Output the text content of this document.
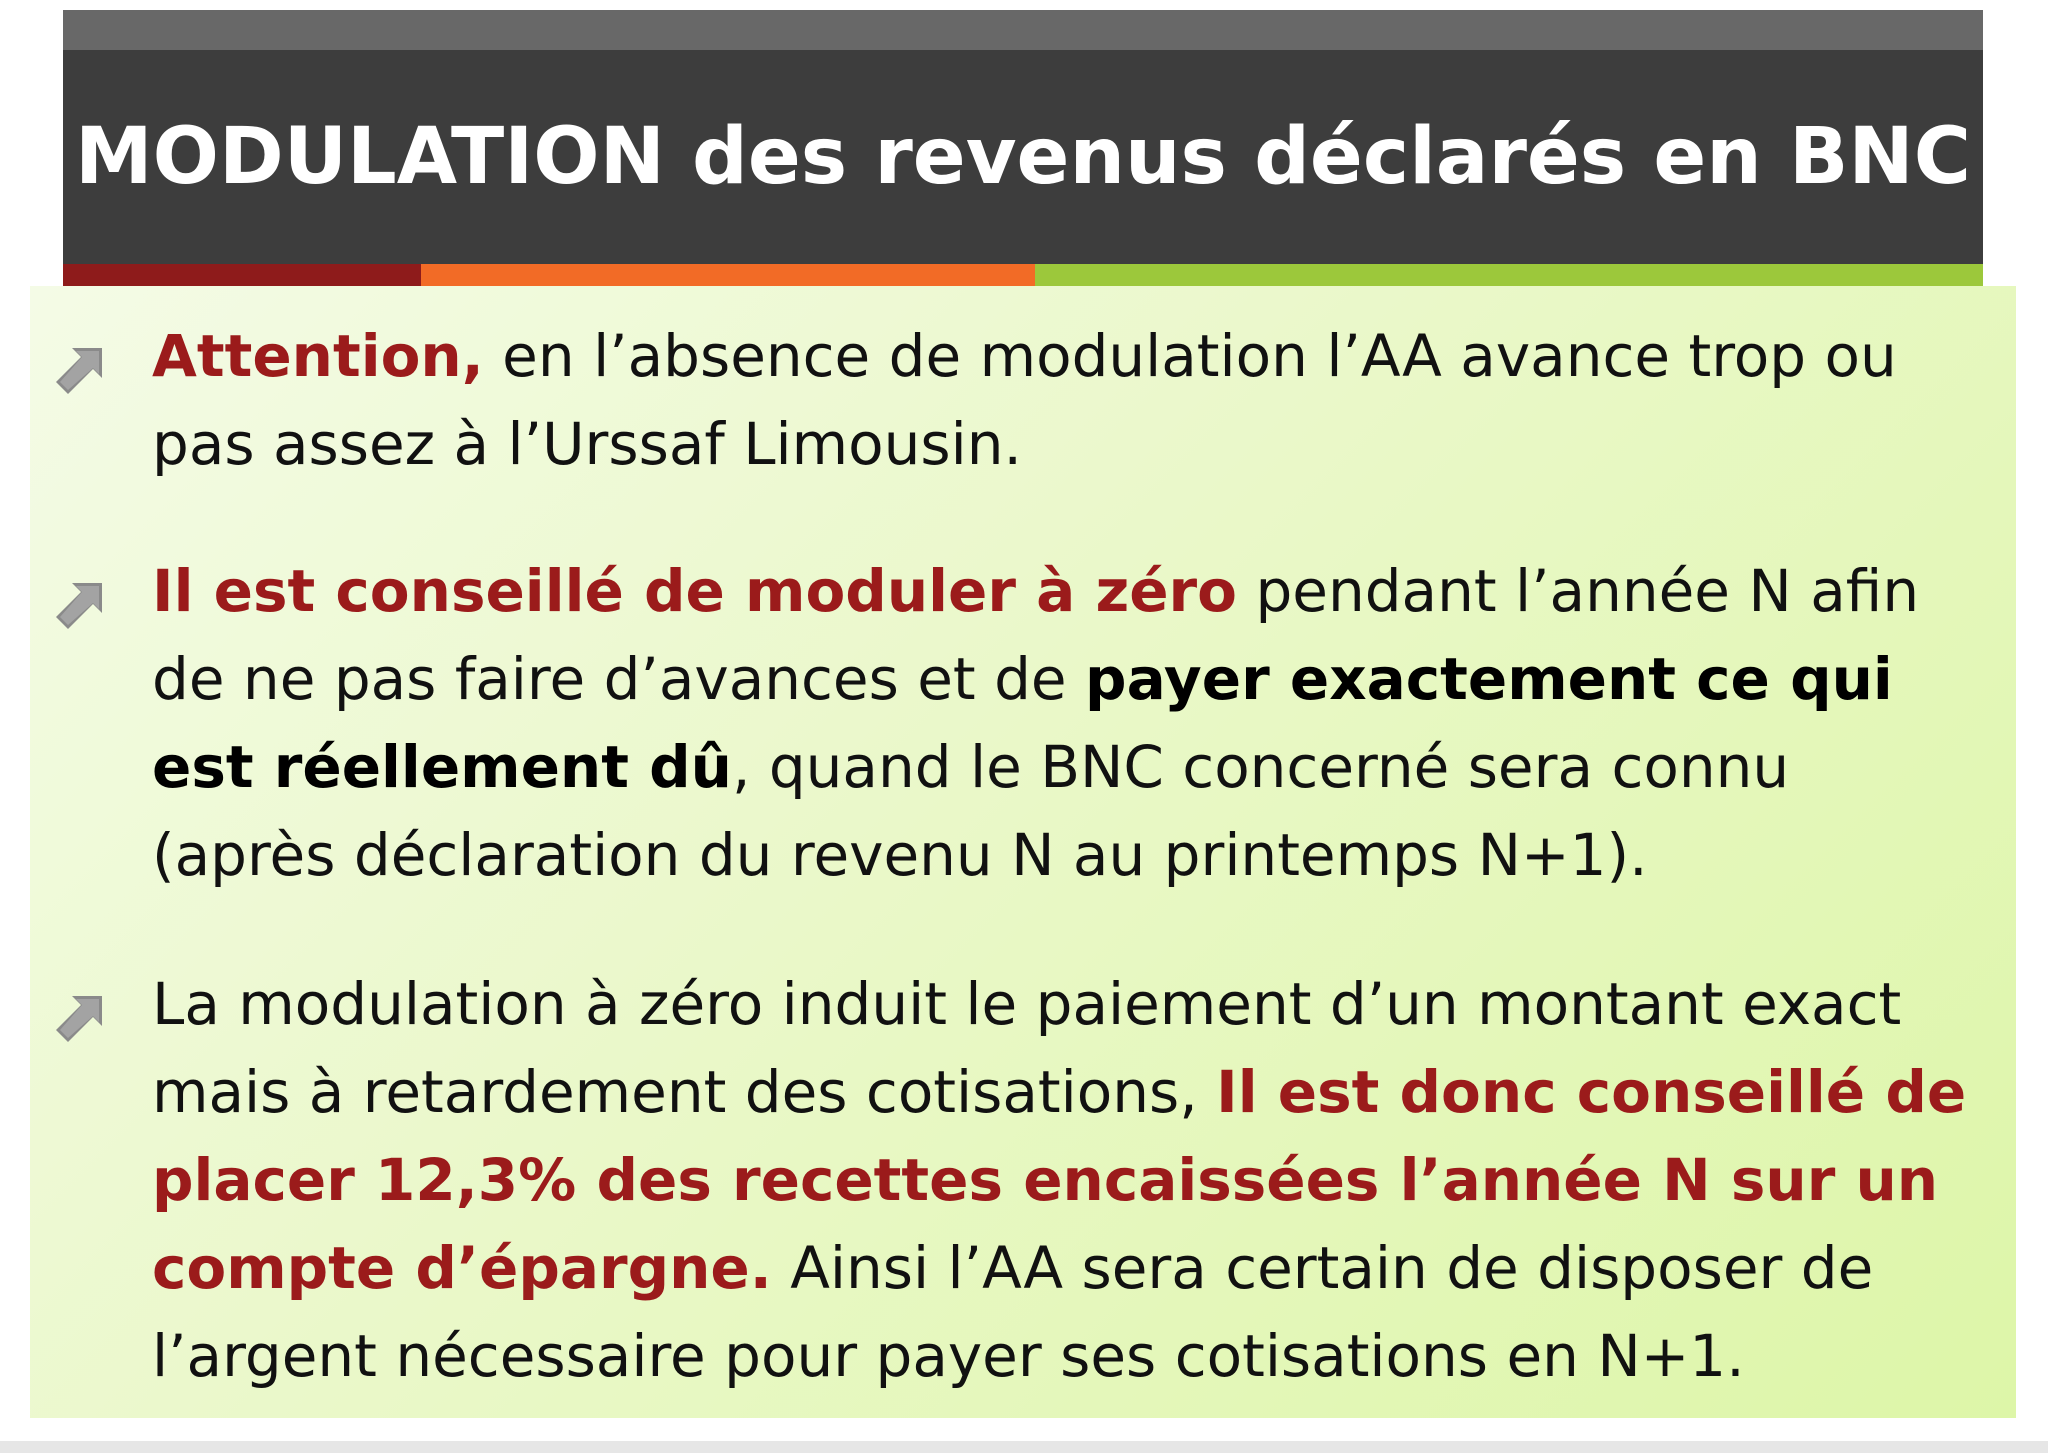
MODULATION des revenus déclarés en BNC
Attention, en l’absence de modulation l’AA avance trop ou pas assez à l’Urssaf Limousin.
Il est conseillé de moduler à zéro pendant l’année N afin de ne pas faire d’avances et de payer exactement ce qui est réellement dû, quand le BNC concerné sera connu (après déclaration du revenu N au printemps N+1).
La modulation à zéro induit le paiement d’un montant exact mais à retardement des cotisations, Il est donc conseillé de placer 12,3% des recettes encaissées l’année N sur un compte d’épargne. Ainsi l’AA sera certain de disposer de l’argent nécessaire pour payer ses cotisations en N+1.
